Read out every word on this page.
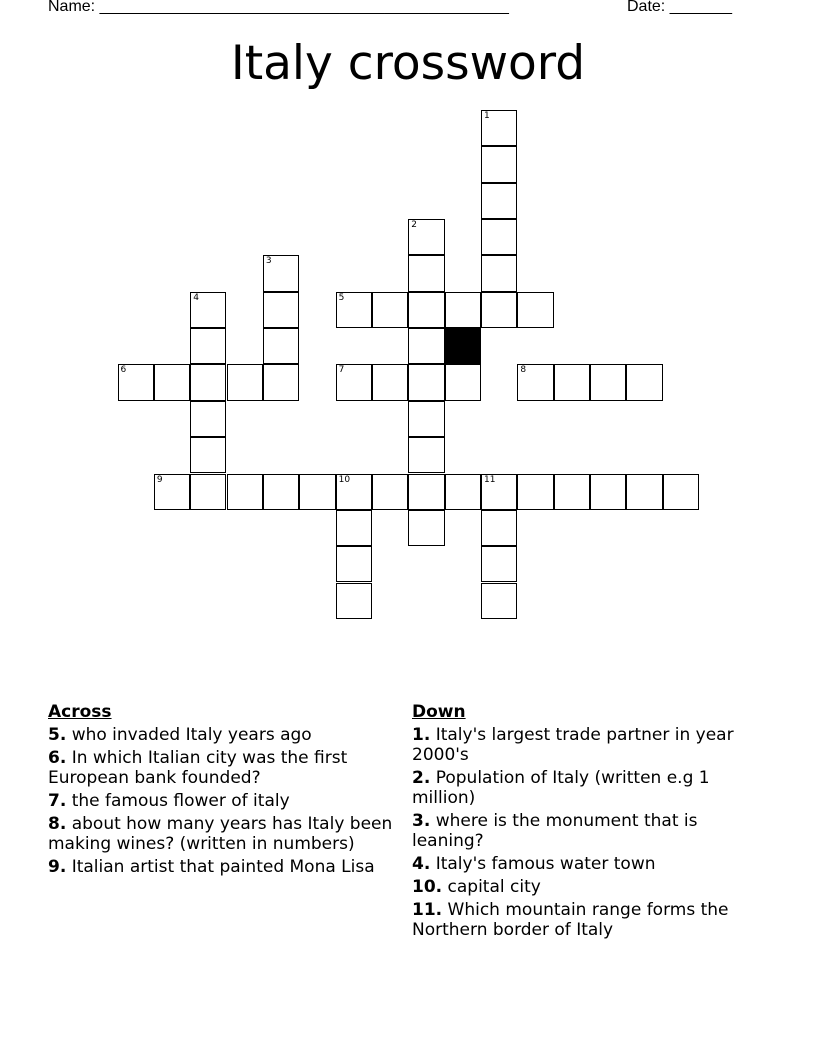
Name: ______________________________________________	Date: _______
Italy crossword
1
2
3
4	5
6	7	8
9	10	11
Across
5. who invaded Italy years ago
6. In which Italian city was the first European bank founded?
7. the famous flower of italy
8. about how many years has Italy been making wines? (written in numbers)
9. Italian artist that painted Mona Lisa
Down
1. Italy's largest trade partner in year 2000's
2. Population of Italy (written e.g 1 million)
3. where is the monument that is leaning?
4. Italy's famous water town
10. capital city
11. Which mountain range forms the Northern border of Italy
